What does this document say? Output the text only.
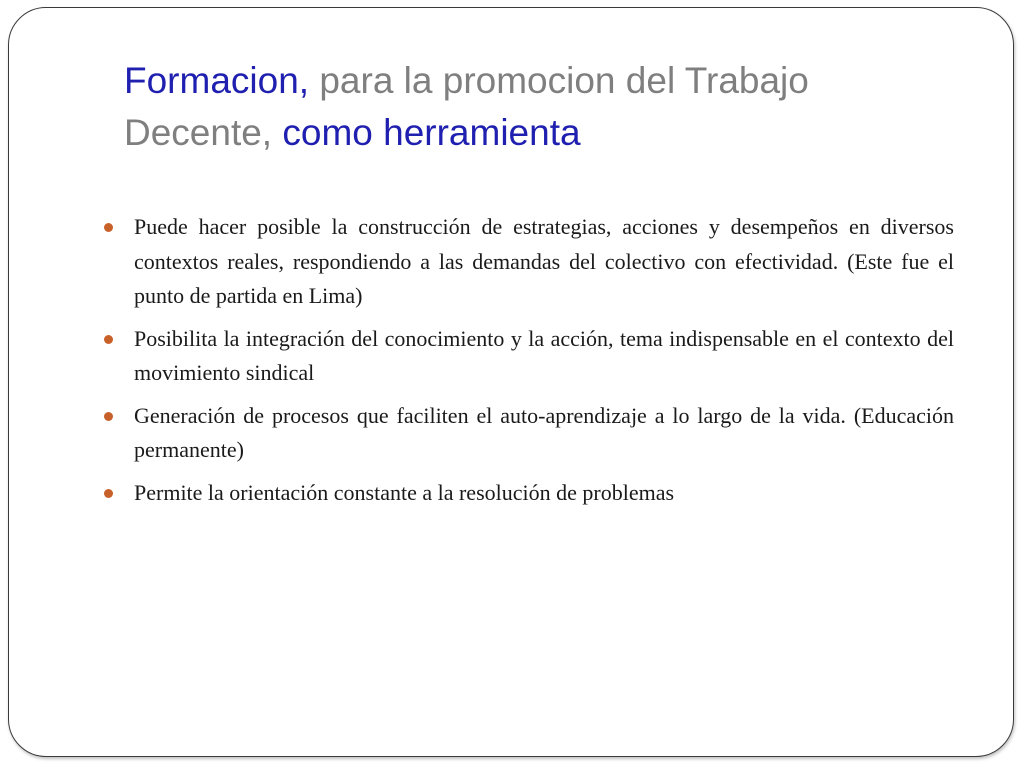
Formacion, para la promocion del Trabajo Decente, como herramienta
Puede hacer posible la construcción de estrategias, acciones y desempeños en diversos contextos reales, respondiendo a las demandas del colectivo con efectividad. (Este fue el punto de partida en Lima)
Posibilita la integración del conocimiento y la acción, tema indispensable en el contexto del movimiento sindical
Generación de procesos que faciliten el auto-aprendizaje a lo largo de la vida. (Educación permanente)
Permite la orientación constante a la resolución de problemas
